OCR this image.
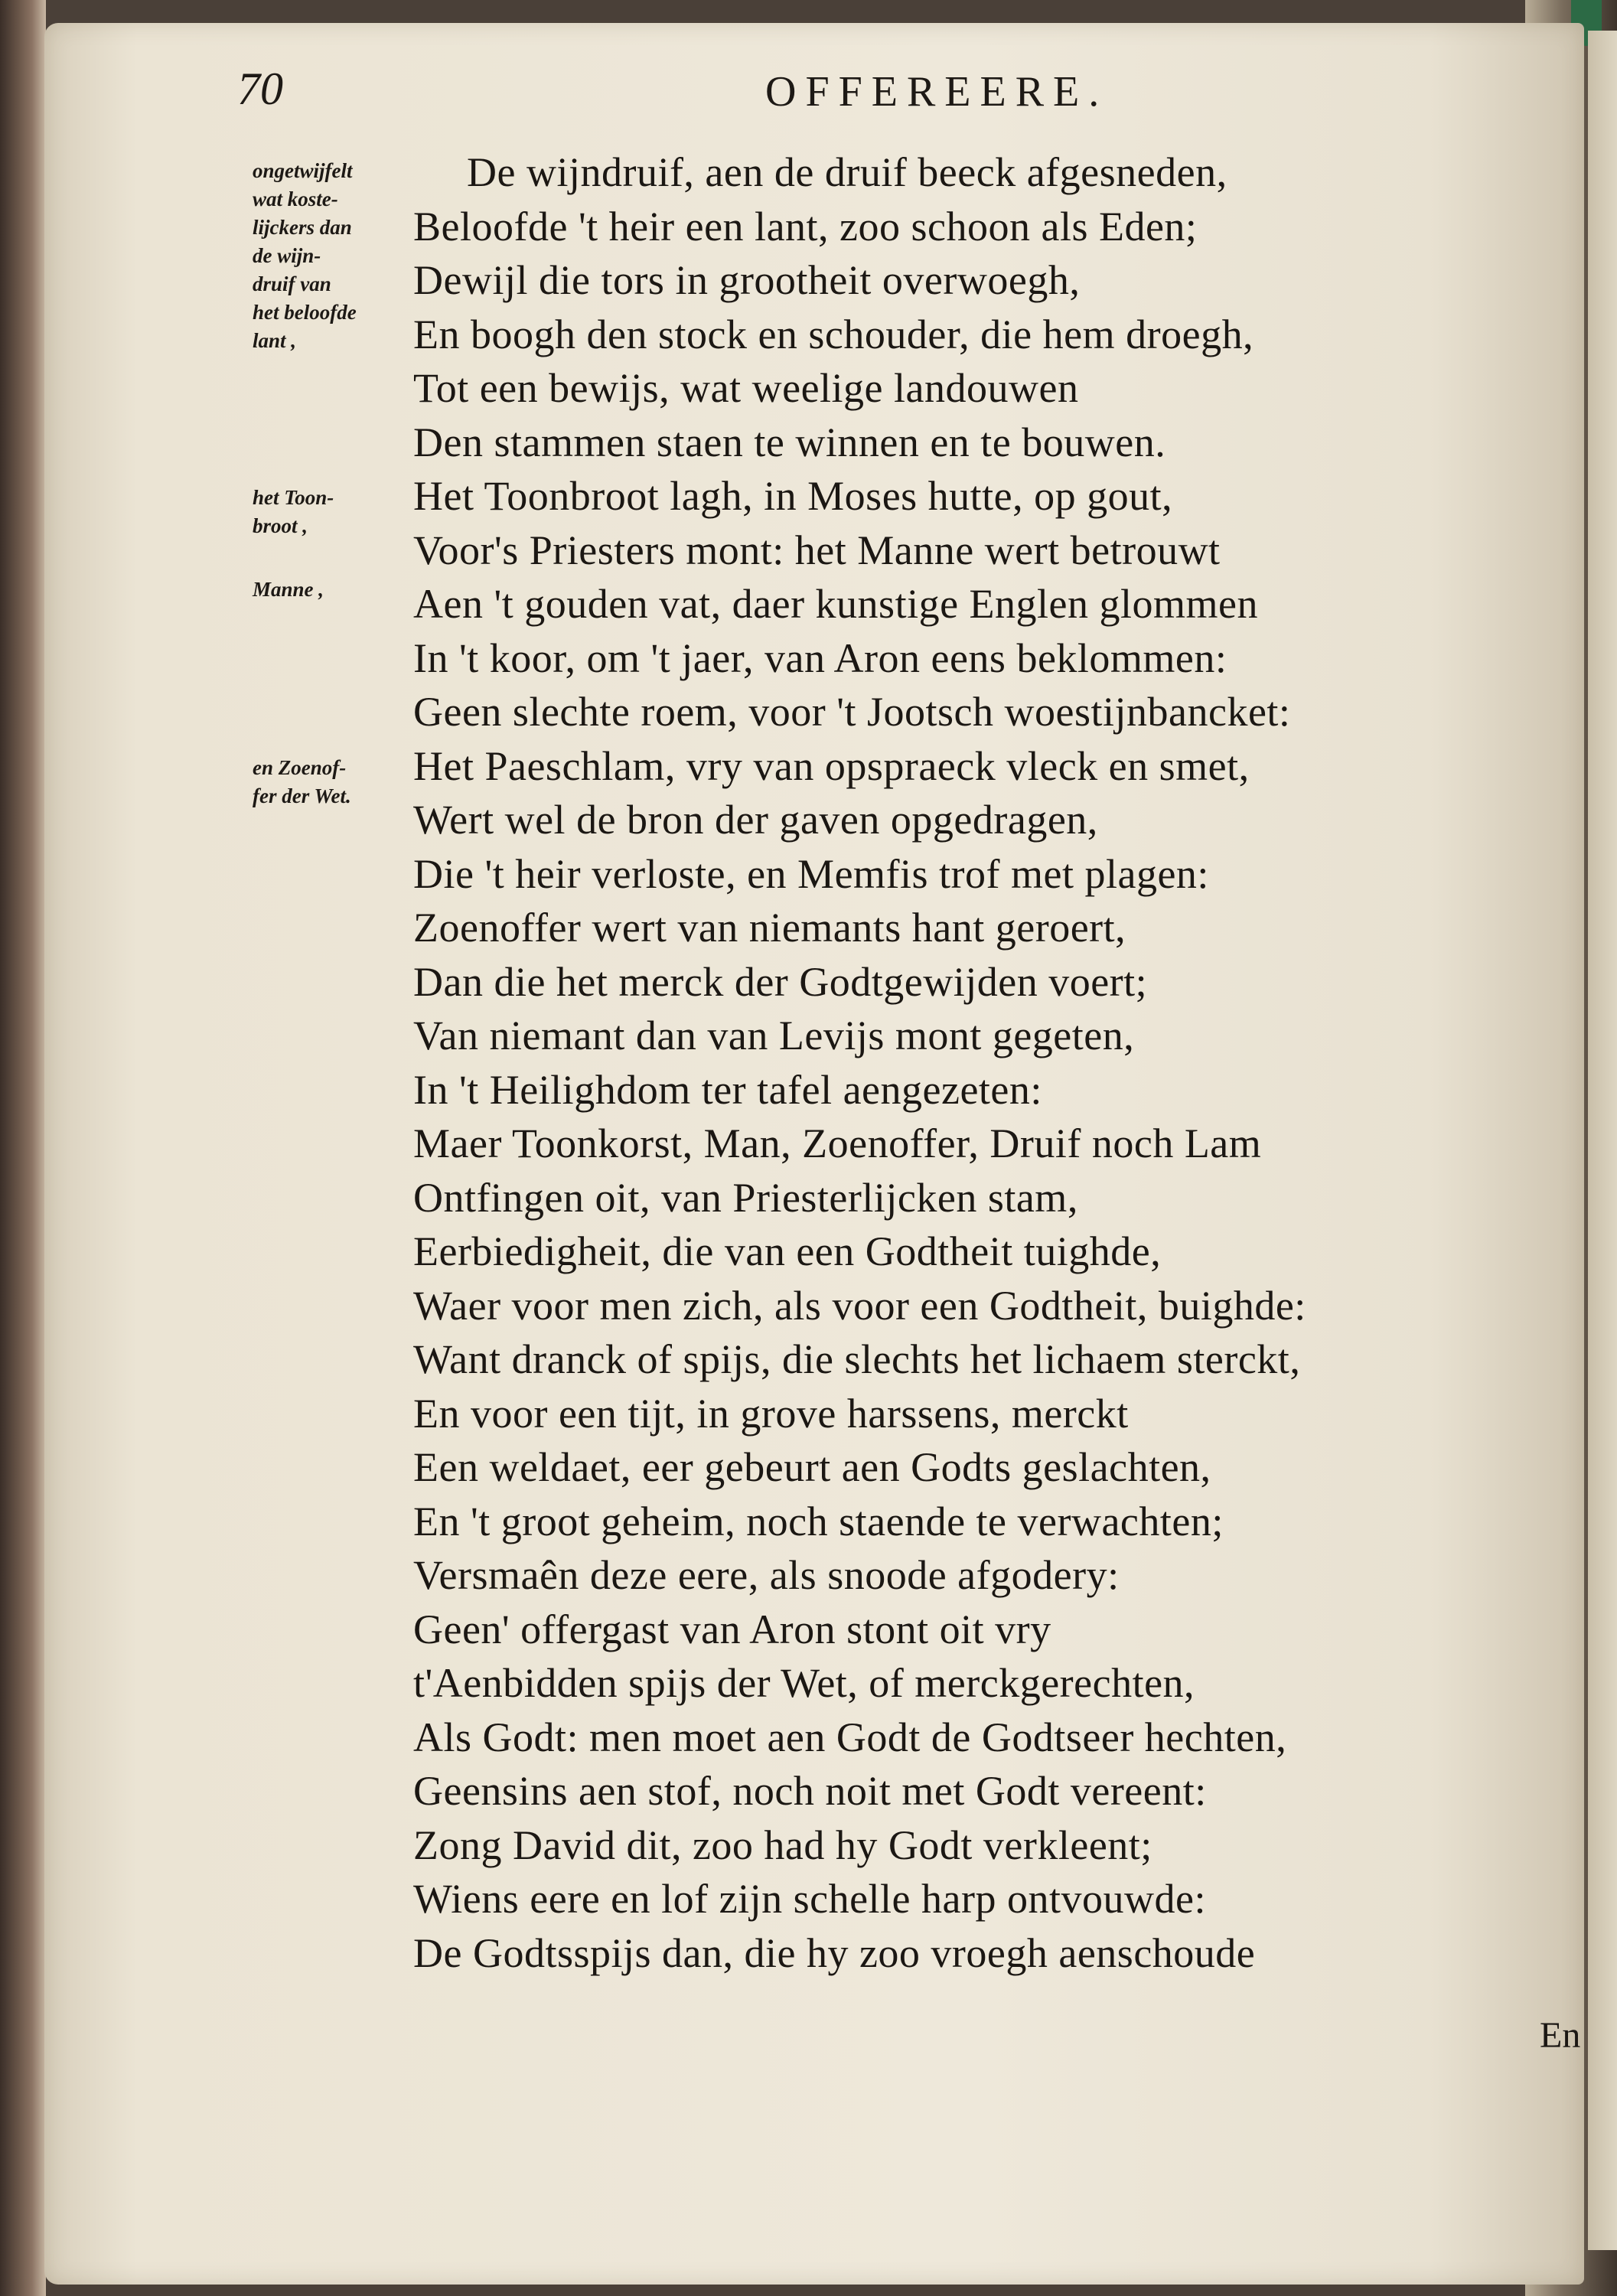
70	OFFEREERE.
ongetwijfelt
wat koste-
lijckers dan
de wijn-
druif van
het beloofde
lant ,
het Toon-
broot ,
Manne ,
en Zoenof-
fer der Wet.
De wijndruif, aen de druif beeck afgesneden,
Beloofde 't heir een lant, zoo schoon als Eden;
Dewijl die tors in grootheit overwoegh,
En boogh den stock en schouder, die hem droegh,
Tot een bewijs, wat weelige landouwen
Den stammen staen te winnen en te bouwen.
Het Toonbroot lagh, in Moses hutte, op gout,
Voor's Priesters mont: het Manne wert betrouwt
Aen 't gouden vat, daer kunstige Englen glommen
In 't koor, om 't jaer, van Aron eens beklommen:
Geen slechte roem, voor 't Jootsch woestijnbancket:
Het Paeschlam, vry van opspraeck vleck en smet,
Wert wel de bron der gaven opgedragen,
Die 't heir verloste, en Memfis trof met plagen:
Zoenoffer wert van niemants hant geroert,
Dan die het merck der Godtgewijden voert;
Van niemant dan van Levijs mont gegeten,
In 't Heilighdom ter tafel aengezeten:
Maer Toonkorst, Man, Zoenoffer, Druif noch Lam
Ontfingen oit, van Priesterlijcken stam,
Eerbiedigheit, die van een Godtheit tuighde,
Waer voor men zich, als voor een Godtheit, buighde:
Want dranck of spijs, die slechts het lichaem sterckt,
En voor een tijt, in grove harssens, merckt
Een weldaet, eer gebeurt aen Godts geslachten,
En 't groot geheim, noch staende te verwachten;
Versmaên deze eere, als snoode afgodery:
Geen' offergast van Aron stont oit vry
t'Aenbidden spijs der Wet, of merckgerechten,
Als Godt: men moet aen Godt de Godtseer hechten,
Geensins aen stof, noch noit met Godt vereent:
Zong David dit, zoo had hy Godt verkleent;
Wiens eere en lof zijn schelle harp ontvouwde:
De Godtsspijs dan, die hy zoo vroegh aenschoude
En
